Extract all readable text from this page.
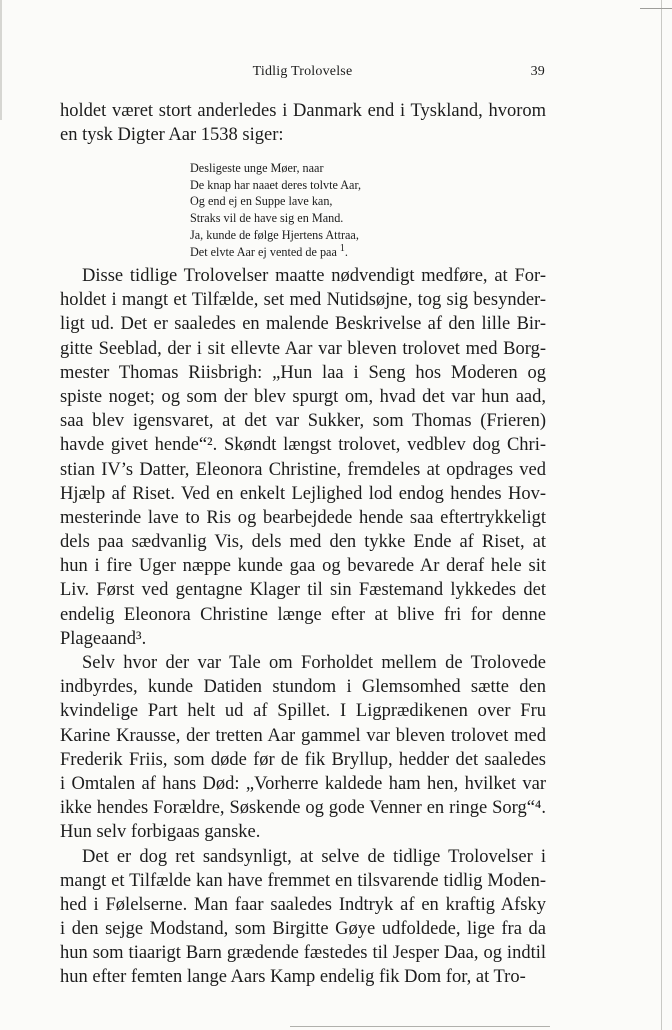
Tidlig Trolovelse	39
holdet været stort anderledes i Danmark end i Tyskland, hvorom
en tysk Digter Aar 1538 siger:
Desligeste unge Møer, naar
De knap har naaet deres tolvte Aar,
Og end ej en Suppe lave kan,
Straks vil de have sig en Mand.
Ja, kunde de følge Hjertens Attraa,
Det elvte Aar ej vented de paa $^1$.
Disse tidlige Trolovelser maatte nødvendigt medføre, at For-
holdet i mangt et Tilfælde, set med Nutidsøjne, tog sig besynder-
ligt ud. Det er saaledes en malende Beskrivelse af den lille Bir-
gitte Seeblad, der i sit ellevte Aar var bleven trolovet med Borg-
mester Thomas Riisbrigh: „Hun laa i Seng hos Moderen og
spiste noget; og som der blev spurgt om, hvad det var hun aad,
saa blev igensvaret, at det var Sukker, som Thomas (Frieren)
havde givet hende“². Skøndt længst trolovet, vedblev dog Chri-
stian IV’s Datter, Eleonora Christine, fremdeles at opdrages ved
Hjælp af Riset. Ved en enkelt Lejlighed lod endog hendes Hov-
mesterinde lave to Ris og bearbejdede hende saa eftertrykkeligt
dels paa sædvanlig Vis, dels med den tykke Ende af Riset, at
hun i fire Uger næppe kunde gaa og bevarede Ar deraf hele sit
Liv. Først ved gentagne Klager til sin Fæstemand lykkedes det
endelig Eleonora Christine længe efter at blive fri for denne
Plageaand³.
Selv hvor der var Tale om Forholdet mellem de Trolovede
indbyrdes, kunde Datiden stundom i Glemsomhed sætte den
kvindelige Part helt ud af Spillet. I Ligprædikenen over Fru
Karine Krausse, der tretten Aar gammel var bleven trolovet med
Frederik Friis, som døde før de fik Bryllup, hedder det saaledes
i Omtalen af hans Død: „Vorherre kaldede ham hen, hvilket var
ikke hendes Forældre, Søskende og gode Venner en ringe Sorg“⁴.
Hun selv forbigaas ganske.
Det er dog ret sandsynligt, at selve de tidlige Trolovelser i
mangt et Tilfælde kan have fremmet en tilsvarende tidlig Moden-
hed i Følelserne. Man faar saaledes Indtryk af en kraftig Afsky
i den sejge Modstand, som Birgitte Gøye udfoldede, lige fra da
hun som tiaarigt Barn grædende fæstedes til Jesper Daa, og indtil
hun efter femten lange Aars Kamp endelig fik Dom for, at Tro-
